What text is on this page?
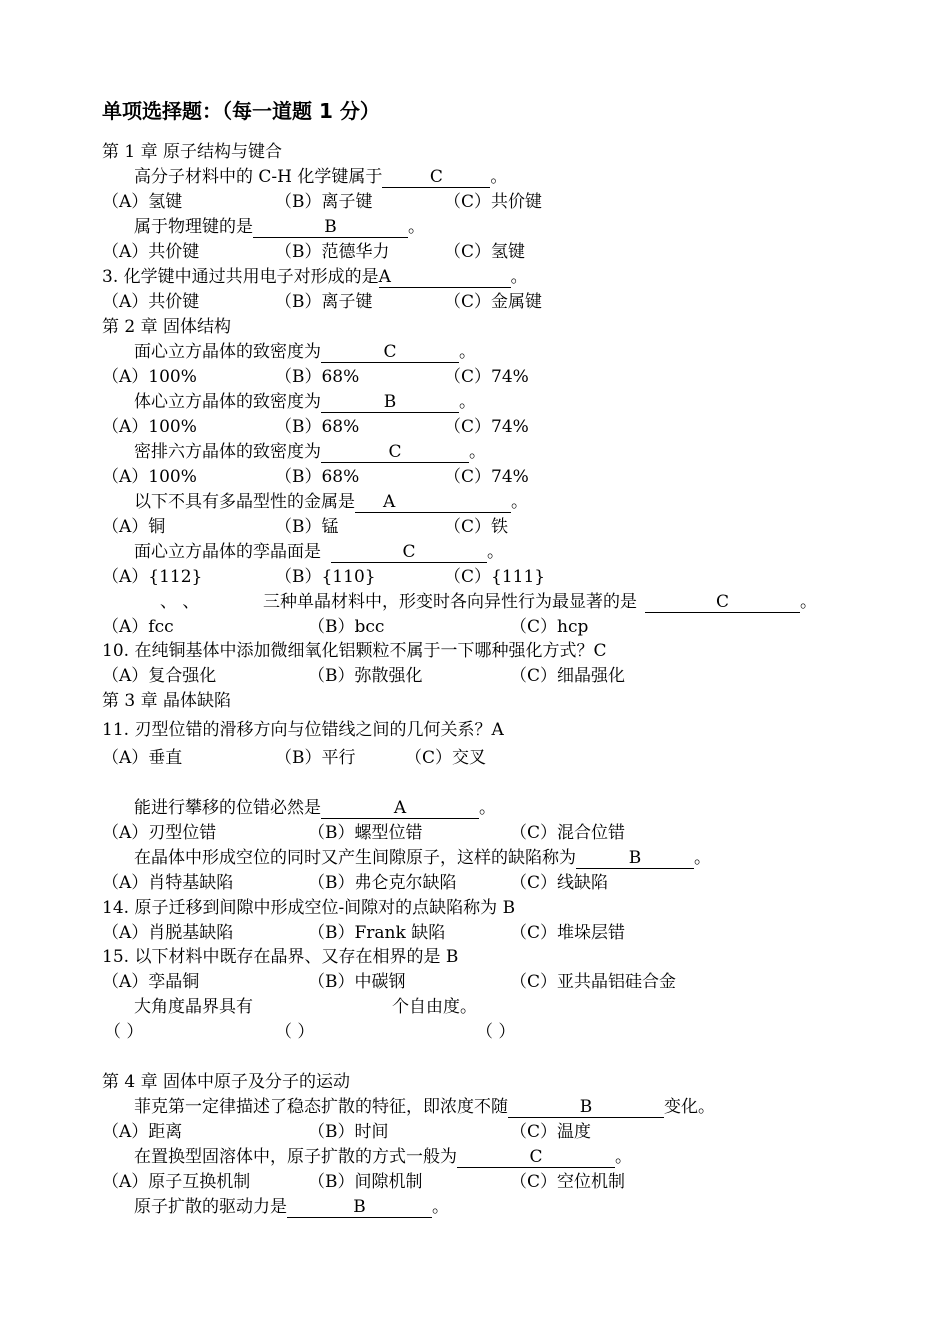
单项选择题：（每一道题 1 分）
第 1 章 原子结构与键合
高分子材料中的 C-H 化学键属于	C	。
（A）氢键	（B）离子键	（C）共价键
属于物理键的是	B	。
（A）共价键	（B）范德华力	（C）氢键
3. 化学键中通过共用电子对形成的是A	。
（A）共价键	（B）离子键	（C）金属键
第 2 章 固体结构
面心立方晶体的致密度为	C	。
（A）100%	（B）68%	（C）74%
体心立方晶体的致密度为	B	。
（A）100%	（B）68%	（C）74%
密排六方晶体的致密度为	C	。
（A）100%	（B）68%	（C）74%
以下不具有多晶型性的金属是 A	。
（A）铜	（B）锰	（C）铁
面心立方晶体的孪晶面是	C	。
（A）{112}	（B）{110}	（C）{111}
、 、	三种单晶材料中，形变时各向异性行为最显著的是	C	。
（A）fcc	（B）bcc	（C）hcp
10. 在纯铜基体中添加微细氧化铝颗粒不属于一下哪种强化方式？C
（A）复合强化	（B）弥散强化	（C）细晶强化
第 3 章 晶体缺陷
11. 刃型位错的滑移方向与位错线之间的几何关系？A
（A）垂直	（B）平行	（C）交叉
能进行攀移的位错必然是	A	。
（A）刃型位错	（B）螺型位错	（C）混合位错
在晶体中形成空位的同时又产生间隙原子，这样的缺陷称为	B	。
（A）肖特基缺陷	（B）弗仑克尔缺陷	（C）线缺陷
14. 原子迁移到间隙中形成空位-间隙对的点缺陷称为 B
（A）肖脱基缺陷	（B）Frank 缺陷	（C）堆垛层错
15. 以下材料中既存在晶界、又存在相界的是 B
（A）孪晶铜	（B）中碳钢	（C）亚共晶铝硅合金
大角度晶界具有	个自由度。
（ ）	（ ）	（ ）
第 4 章 固体中原子及分子的运动
菲克第一定律描述了稳态扩散的特征，即浓度不随	B	变化。
（A）距离	（B）时间	（C）温度
在置换型固溶体中，原子扩散的方式一般为	C	。
（A）原子互换机制	（B）间隙机制	（C）空位机制
原子扩散的驱动力是	B	。
